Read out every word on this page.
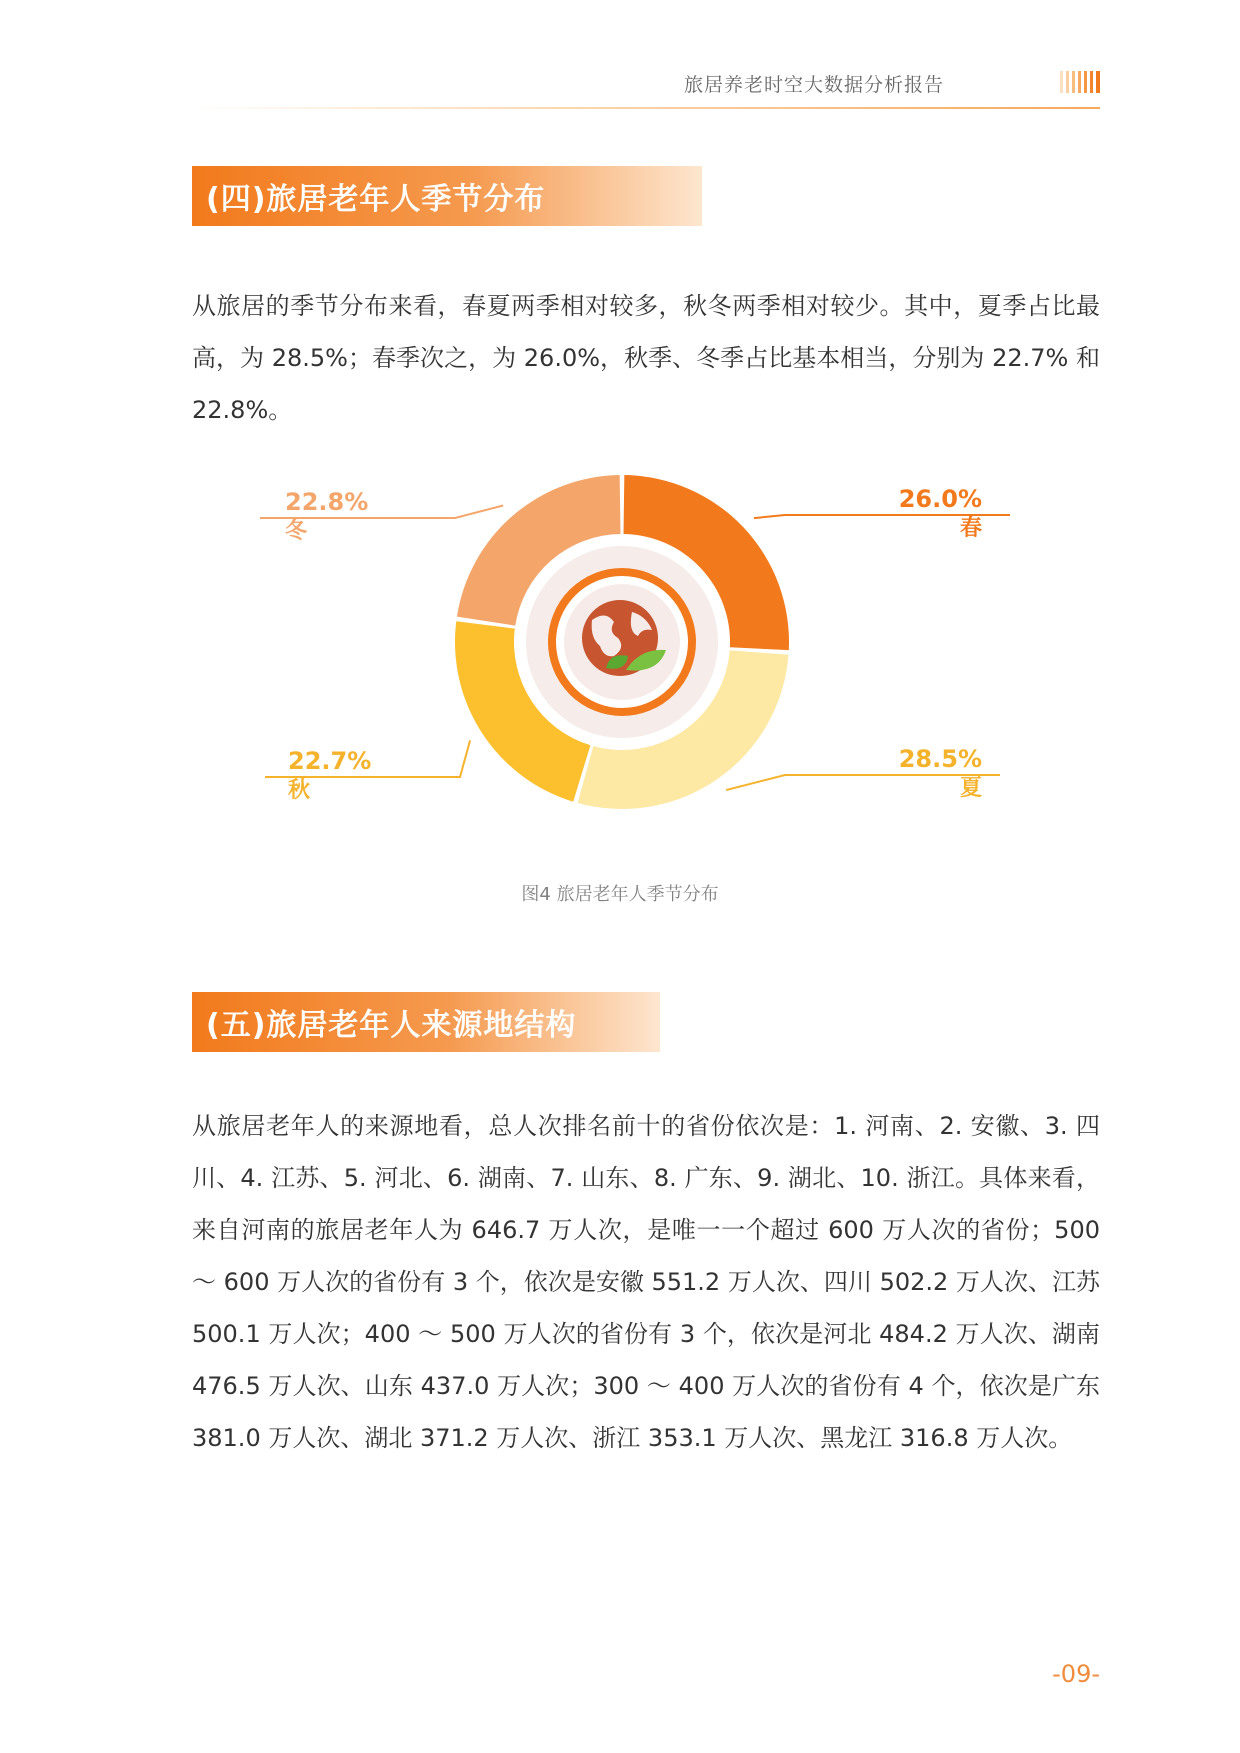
旅居养老时空大数据分析报告
(四)旅居老年人季节分布

从旅居的季节分布来看，春夏两季相对较多，秋冬两季相对较少。其中，夏季占比最高，为 28.5%；春季次之，为 26.0%，秋季、冬季占比基本相当，分别为 22.7% 和 22.8%。

26.0%
春
28.5%
夏
22.7%
秋
22.8%
冬
图4 旅居老年人季节分布
(五)旅居老年人来源地结构

从旅居老年人的来源地看，总人次排名前十的省份依次是：1. 河南、2. 安徽、3. 四川、4. 江苏、5. 河北、6. 湖南、7. 山东、8. 广东、9. 湖北、10. 浙江。具体来看，来自河南的旅居老年人为 646.7 万人次，是唯一一个超过 600 万人次的省份；500 ～ 600 万人次的省份有 3 个，依次是安徽 551.2 万人次、四川 502.2 万人次、江苏 500.1 万人次；400 ～ 500 万人次的省份有 3 个，依次是河北 484.2 万人次、湖南 476.5 万人次、山东 437.0 万人次；300 ～ 400 万人次的省份有 4 个，依次是广东 381.0 万人次、湖北 371.2 万人次、浙江 353.1 万人次、黑龙江 316.8 万人次。

-09-
